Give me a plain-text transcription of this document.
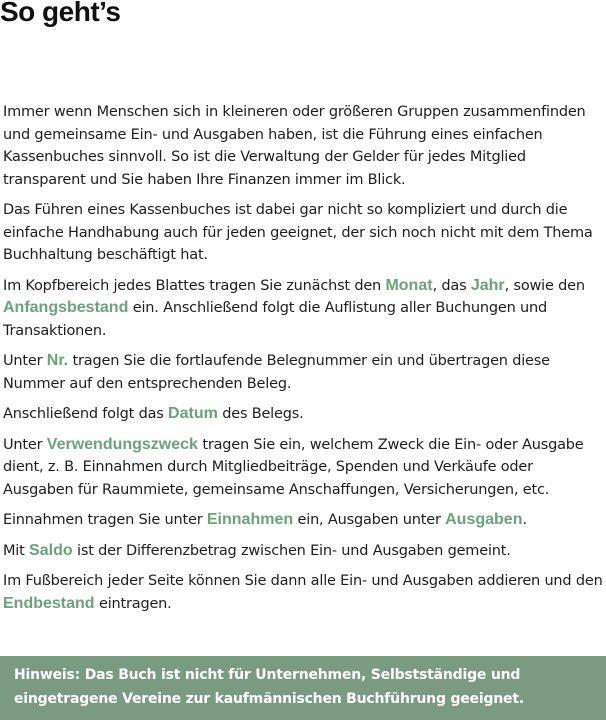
So geht’s

Immer wenn Menschen sich in kleineren oder größeren Gruppen zusammenfinden und gemeinsame Ein- und Ausgaben haben, ist die Führung eines einfachen Kassenbuches sinnvoll. So ist die Verwaltung der Gelder für jedes Mitglied transparent und Sie haben Ihre Finanzen immer im Blick.

Das Führen eines Kassenbuches ist dabei gar nicht so kompliziert und durch die einfache Handhabung auch für jeden geeignet, der sich noch nicht mit dem Thema Buchhaltung beschäftigt hat.

Im Kopfbereich jedes Blattes tragen Sie zunächst den Monat, das Jahr, sowie den Anfangsbestand ein. Anschließend folgt die Auflistung aller Buchungen und Transaktionen.

Unter Nr. tragen Sie die fortlaufende Belegnummer ein und übertragen diese Nummer auf den entsprechenden Beleg.

Anschließend folgt das Datum des Belegs.

Unter Verwendungszweck tragen Sie ein, welchem Zweck die Ein- oder Ausgabe dient, z. B. Einnahmen durch Mitgliedbeiträge, Spenden und Verkäufe oder Ausgaben für Raummiete, gemeinsame Anschaffungen, Versicherungen, etc.

Einnahmen tragen Sie unter Einnahmen ein, Ausgaben unter Ausgaben.

Mit Saldo ist der Differenzbetrag zwischen Ein- und Ausgaben gemeint.

Im Fußbereich jeder Seite können Sie dann alle Ein- und Ausgaben addieren und den Endbestand eintragen.

Hinweis: Das Buch ist nicht für Unternehmen, Selbstständige und eingetragene Vereine zur kaufmännischen Buchführung geeignet.
